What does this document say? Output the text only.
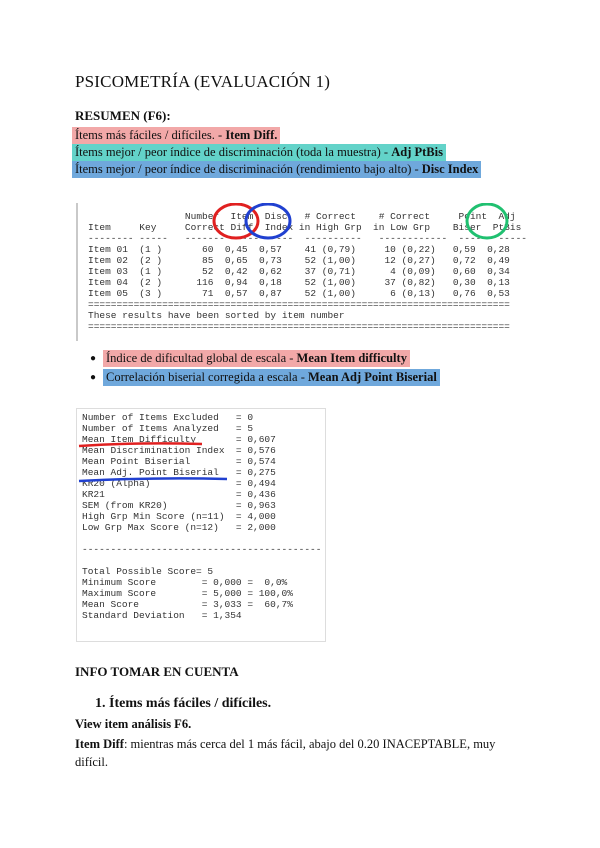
PSICOMETRÍA (EVALUACIÓN 1)
RESUMEN (F6):
Ítems más fáciles / difíciles. - Item Diff.
Ítems mejor / peor índice de discriminación (toda la muestra) - Adj PtBis
Ítems mejor / peor índice de discriminación (rendimiento bajo alto) - Disc Index

Number  Item  Disc.  # Correct    # Correct     Point  Adj
Item     Key     Correct Diff  Index in High Grp  in Low Grp    Biser  PtBis
-------- -----   ------- ----- -----  ----------   ------------  -----  -----
Item 01  (1 )       60  0,45  0,57    41 (0,79)     10 (0,22)   0,59  0,28
Item 02  (2 )       85  0,65  0,73    52 (1,00)     12 (0,27)   0,72  0,49
Item 03  (1 )       52  0,42  0,62    37 (0,71)      4 (0,09)   0,60  0,34
Item 04  (2 )      116  0,94  0,18    52 (1,00)     37 (0,82)   0,30  0,13
Item 05  (3 )       71  0,57  0,87    52 (1,00)      6 (0,13)   0,76  0,53
==========================================================================
These results have been sorted by item number
==========================================================================

● Índice de dificultad global de escala - Mean Item difficulty
● Correlación biserial corregida a escala - Mean Adj Point Biserial

Number of Items Excluded   = 0
Number of Items Analyzed   = 5
Mean Item Difficulty       = 0,607
Mean Discrimination Index  = 0,576
Mean Point Biserial        = 0,574
Mean Adj. Point Biserial   = 0,275
KR20 (Alpha)               = 0,494
KR21                       = 0,436
SEM (from KR20)            = 0,963
High Grp Min Score (n=11)  = 4,000
Low Grp Max Score (n=12)   = 2,000

------------------------------------------

Total Possible Score= 5
Minimum Score        = 0,000 =  0,0%
Maximum Score        = 5,000 = 100,0%
Mean Score           = 3,033 =  60,7%
Standard Deviation   = 1,354

INFO TOMAR EN CUENTA
1. Ítems más fáciles / difíciles.
View item análisis F6.
Item Diff: mientras más cerca del 1 más fácil, abajo del 0.20 INACEPTABLE, muy difícil.
